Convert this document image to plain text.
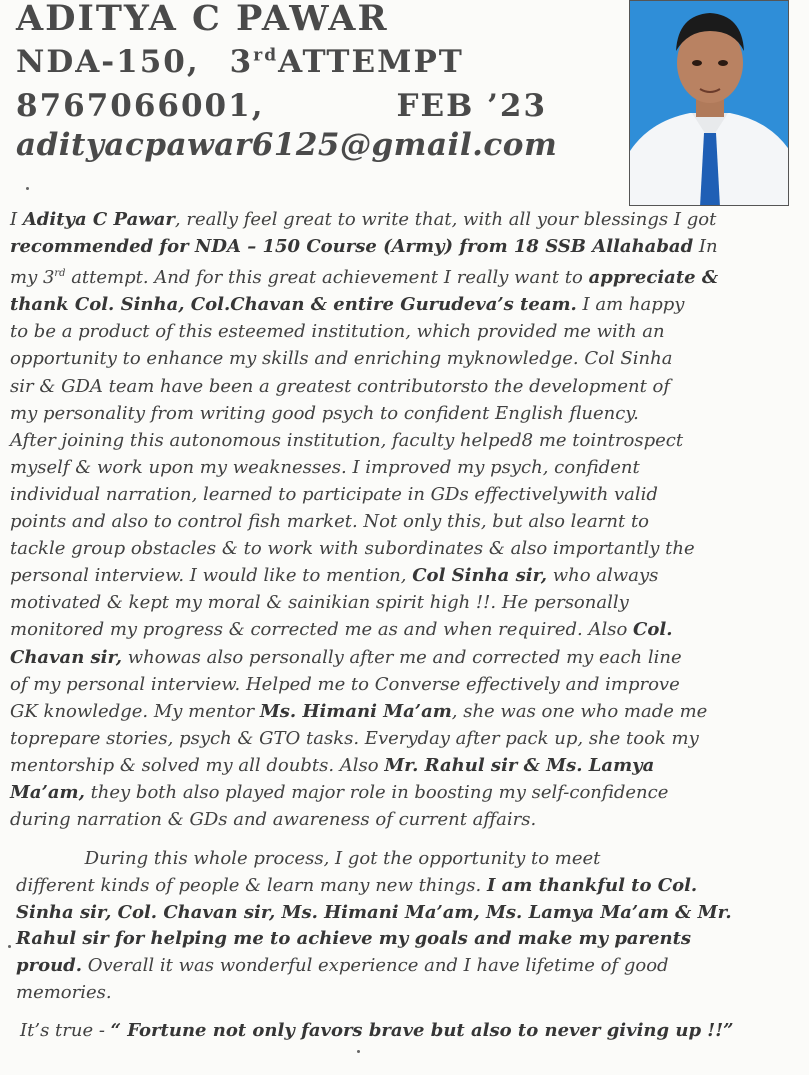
ADITYA C PAWAR
NDA-150, 3rdATTEMPT
8767066001,	FEB ’23
adityacpawar6125@gmail.com
I Aditya C Pawar, really feel great to write that, with all your blessings I got
recommended for NDA – 150 Course (Army) from 18 SSB Allahabad In
my 3rd attempt. And for this great achievement I really want to appreciate &
thank Col. Sinha, Col.Chavan & entire Gurudeva’s team. I am happy
to be a product of this esteemed institution, which provided me with an
opportunity to enhance my skills and enriching myknowledge. Col Sinha
sir & GDA team have been a greatest contributorsto the development of
my personality from writing good psych to confident English fluency.
After joining this autonomous institution, faculty helped8 me tointrospect
myself & work upon my weaknesses. I improved my psych, confident
individual narration, learned to participate in GDs effectivelywith valid
points and also to control fish market. Not only this, but also learnt to
tackle group obstacles & to work with subordinates & also importantly the
personal interview. I would like to mention, Col Sinha sir, who always
motivated & kept my moral & sainikian spirit high !!. He personally
monitored my progress & corrected me as and when required. Also Col.
Chavan sir, whowas also personally after me and corrected my each line
of my personal interview. Helped me to Converse effectively and improve
GK knowledge. My mentor Ms. Himani Ma’am, she was one who made me
toprepare stories, psych & GTO tasks. Everyday after pack up, she took my
mentorship & solved my all doubts. Also Mr. Rahul sir & Ms. Lamya
Ma’am, they both also played major role in boosting my self-confidence
during narration & GDs and awareness of current affairs.
During this whole process, I got the opportunity to meet
different kinds of people & learn many new things. I am thankful to Col.
Sinha sir, Col. Chavan sir, Ms. Himani Ma’am, Ms. Lamya Ma’am & Mr.
Rahul sir for helping me to achieve my goals and make my parents
proud. Overall it was wonderful experience and I have lifetime of good
memories.
It’s true - “ Fortune not only favors brave but also to never giving up !!”
